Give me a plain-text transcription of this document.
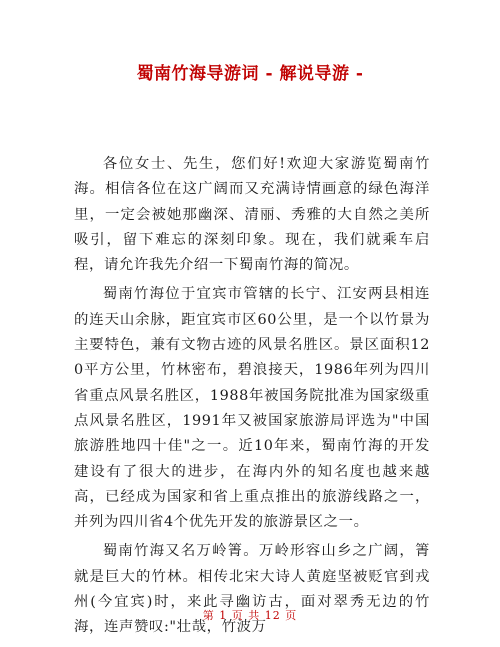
蜀南竹海导游词 - 解说导游 -

各位女士、先生，您们好!欢迎大家游览蜀南竹海。相信各位在这广阔而又充满诗情画意的绿色海洋里，一定会被她那幽深、清丽、秀雅的大自然之美所吸引，留下难忘的深刻印象。现在，我们就乘车启程，请允许我先介绍一下蜀南竹海的简况。

蜀南竹海位于宜宾市管辖的长宁、江安两县相连的连天山余脉，距宜宾市区60公里，是一个以竹景为主要特色，兼有文物古迹的风景名胜区。景区面积120平方公里，竹林密布，碧浪接天，1986年列为四川省重点风景名胜区，1988年被国务院批准为国家级重点风景名胜区，1991年又被国家旅游局评选为"中国旅游胜地四十佳"之一。近10年来，蜀南竹海的开发建设有了很大的进步，在海内外的知名度也越来越高，已经成为国家和省上重点推出的旅游线路之一，并列为四川省4个优先开发的旅游景区之一。

蜀南竹海又名万岭箐。万岭形容山乡之广阔，箐就是巨大的竹林。相传北宋大诗人黄庭坚被贬官到戎州(今宜宾)时，来此寻幽访古，面对翠秀无边的竹海，连声赞叹:"壮哉，竹波万

第 1 页 共 12 页
